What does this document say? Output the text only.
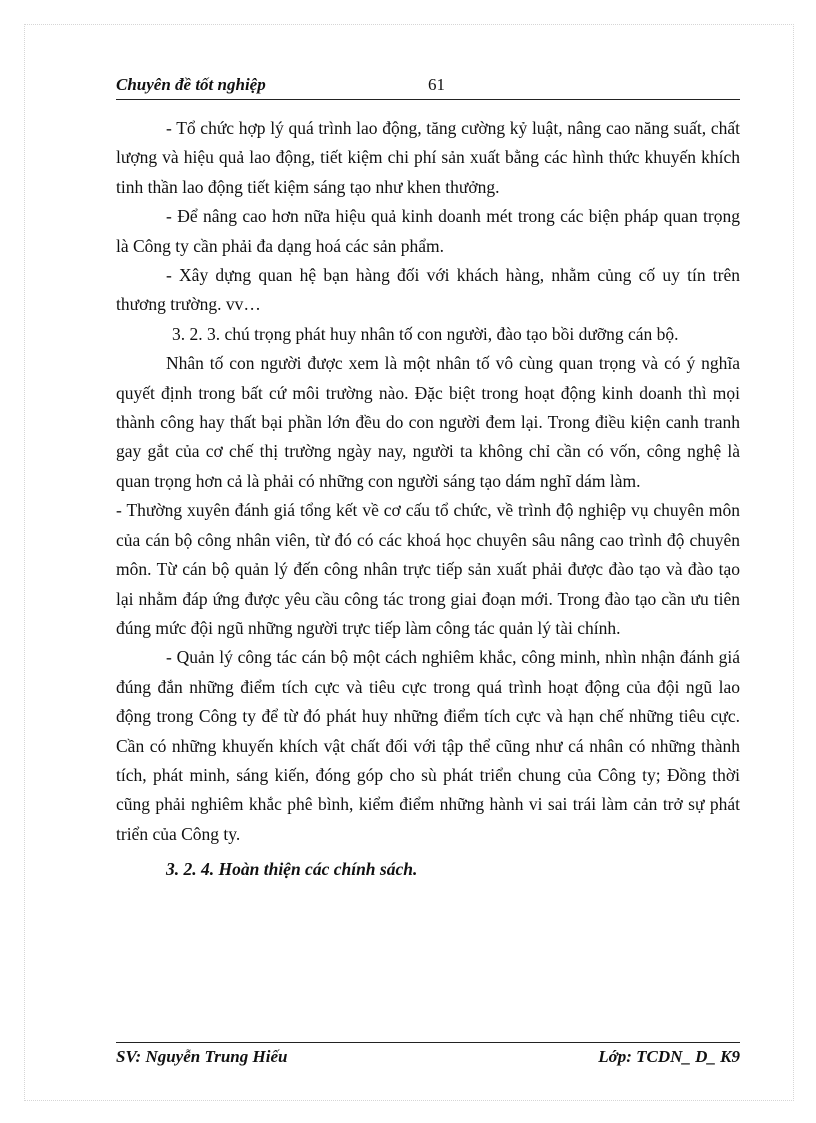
Chuyên đề tốt nghiệp	61

- Tổ chức hợp lý quá trình lao động, tăng cường kỷ luật, nâng cao năng suất, chất lượng và hiệu quả lao động, tiết kiệm chi phí sản xuất bằng các hình thức khuyến khích tinh thần lao động tiết kiệm sáng tạo như khen thưởng.

- Để nâng cao hơn nữa hiệu quả kinh doanh mét trong các biện pháp quan trọng là Công ty cần phải đa dạng hoá các sản phẩm.

- Xây dựng quan hệ bạn hàng đối với khách hàng, nhằm củng cố uy tín trên thương trường. vv…

3. 2. 3. chú trọng phát huy nhân tố con người, đào tạo bồi dưỡng cán bộ.

Nhân tố con người được xem là một nhân tố vô cùng quan trọng và có ý nghĩa quyết định trong bất cứ môi trường nào. Đặc biệt trong hoạt động kinh doanh thì mọi thành công hay thất bại phần lớn đều do con người đem lại. Trong điều kiện canh tranh gay gắt của cơ chế thị trường ngày nay, người ta không chỉ cần có vốn, công nghệ là quan trọng hơn cả là phải có những con người sáng tạo dám nghĩ dám làm.

- Thường xuyên đánh giá tổng kết về cơ cấu tổ chức, về trình độ nghiệp vụ chuyên môn của cán bộ công nhân viên, từ đó có các khoá học chuyên sâu nâng cao trình độ chuyên môn. Từ cán bộ quản lý đến công nhân trực tiếp sản xuất phải được đào tạo và đào tạo lại nhằm đáp ứng được yêu cầu công tác trong giai đoạn mới. Trong đào tạo cần ưu tiên đúng mức đội ngũ những người trực tiếp làm công tác quản lý tài chính.

- Quản lý công tác cán bộ một cách nghiêm khắc, công minh, nhìn nhận đánh giá đúng đắn những điểm tích cực và tiêu cực trong quá trình hoạt động của đội ngũ lao động trong Công ty để từ đó phát huy những điểm tích cực và hạn chế những tiêu cực. Cần có những khuyến khích vật chất đối với tập thể cũng như cá nhân có những thành tích, phát minh, sáng kiến, đóng góp cho sù phát triển chung của Công ty; Đồng thời cũng phải nghiêm khắc phê bình, kiểm điểm những hành vi sai trái làm cản trở sự phát triển của Công ty.

3. 2. 4. Hoàn thiện các chính sách.

SV: Nguyễn Trung Hiếu	Lớp: TCDN_ D_ K9
